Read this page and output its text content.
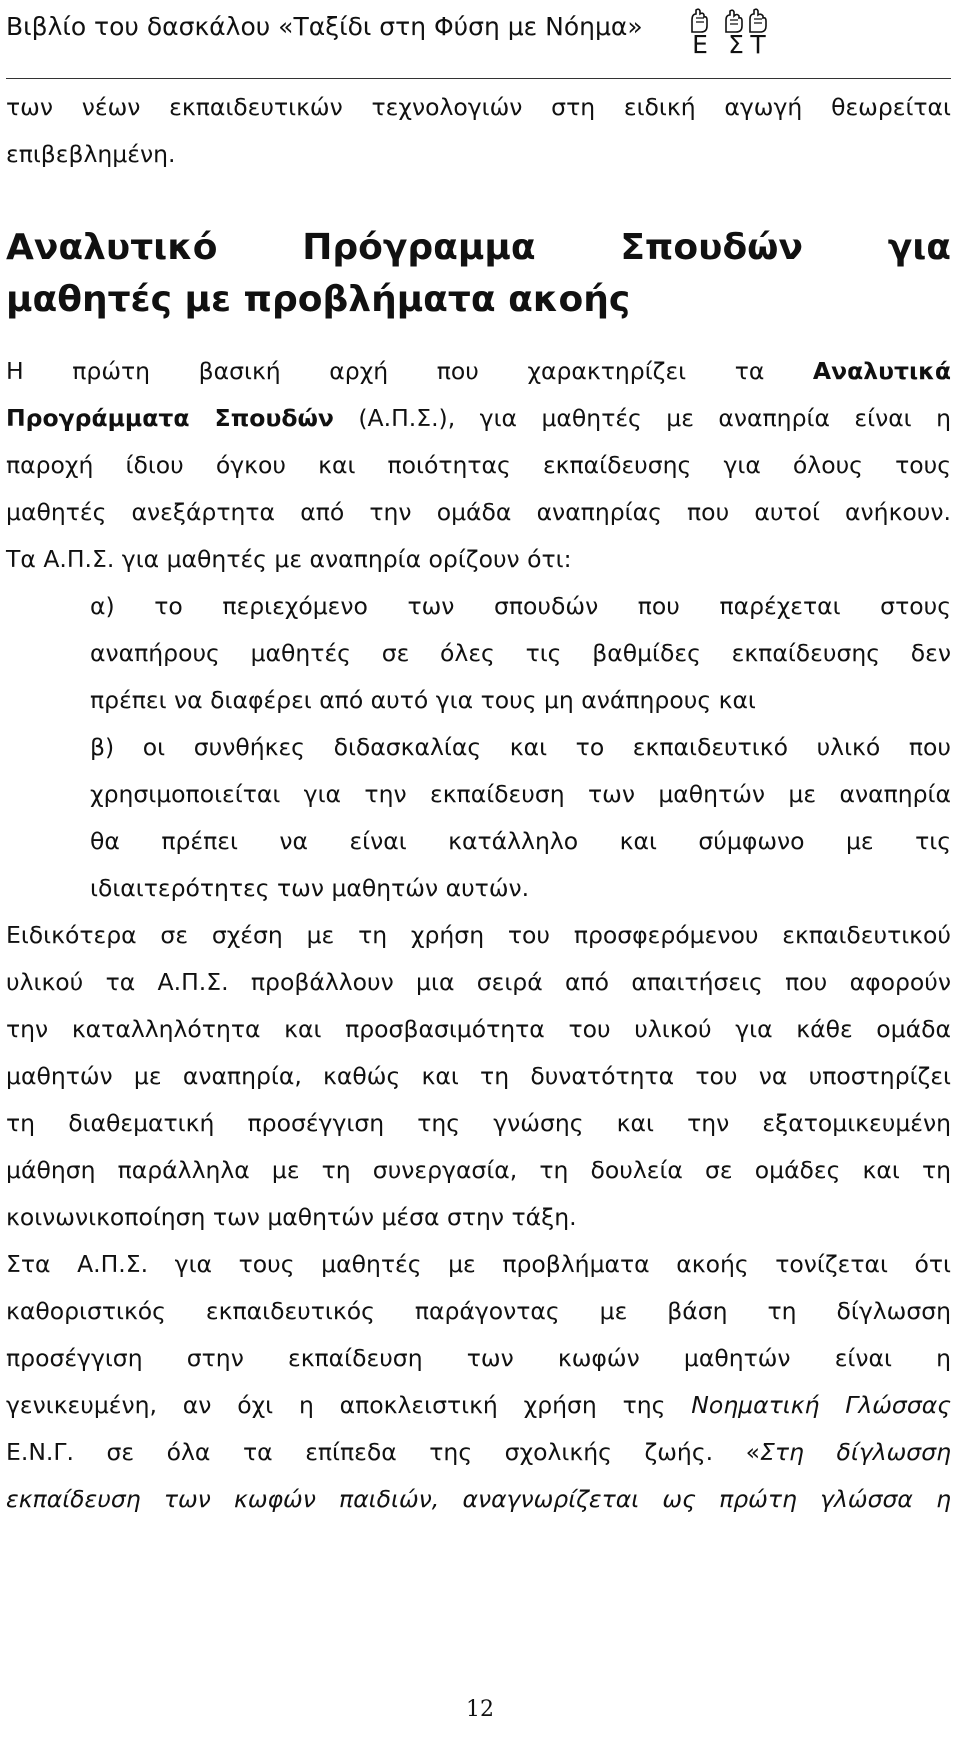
Βιβλίο του δασκάλου «Ταξίδι στη Φύση με Νόημα»
Ε Σ Τ

των νέων εκπαιδευτικών τεχνολογιών στη ειδική αγωγή θεωρείται
επιβεβλημένη.

Αναλυτικό Πρόγραμμα Σπουδών για
μαθητές με προβλήματα ακοής

Η πρώτη βασική αρχή που χαρακτηρίζει τα Αναλυτικά
Προγράμματα Σπουδών (Α.Π.Σ.), για μαθητές με αναπηρία είναι η
παροχή ίδιου όγκου και ποιότητας εκπαίδευσης για όλους τους
μαθητές ανεξάρτητα από την ομάδα αναπηρίας που αυτοί ανήκουν.
Τα Α.Π.Σ. για μαθητές με αναπηρία ορίζουν ότι:

α) το περιεχόμενο των σπουδών που παρέχεται στους
αναπήρους μαθητές σε όλες τις βαθμίδες εκπαίδευσης δεν
πρέπει να διαφέρει από αυτό για τους μη ανάπηρους και

β) οι συνθήκες διδασκαλίας και το εκπαιδευτικό υλικό που
χρησιμοποιείται για την εκπαίδευση των μαθητών με αναπηρία
θα πρέπει να είναι κατάλληλο και σύμφωνο με τις
ιδιαιτερότητες των μαθητών αυτών.

Ειδικότερα σε σχέση με τη χρήση του προσφερόμενου εκπαιδευτικού
υλικού τα Α.Π.Σ. προβάλλουν μια σειρά από απαιτήσεις που αφορούν
την καταλληλότητα και προσβασιμότητα του υλικού για κάθε ομάδα
μαθητών με αναπηρία, καθώς και τη δυνατότητα του να υποστηρίζει
τη διαθεματική προσέγγιση της γνώσης και την εξατομικευμένη
μάθηση παράλληλα με τη συνεργασία, τη δουλεία σε ομάδες και τη
κοινωνικοποίηση των μαθητών μέσα στην τάξη.

Στα Α.Π.Σ. για τους μαθητές με προβλήματα ακοής τονίζεται ότι
καθοριστικός εκπαιδευτικός παράγοντας με βάση τη δίγλωσση
προσέγγιση στην εκπαίδευση των κωφών μαθητών είναι η
γενικευμένη, αν όχι η αποκλειστική χρήση της Νοηματική Γλώσσας
Ε.Ν.Γ. σε όλα τα επίπεδα της σχολικής ζωής. «Στη δίγλωσση
εκπαίδευση των κωφών παιδιών, αναγνωρίζεται ως πρώτη γλώσσα η

12
